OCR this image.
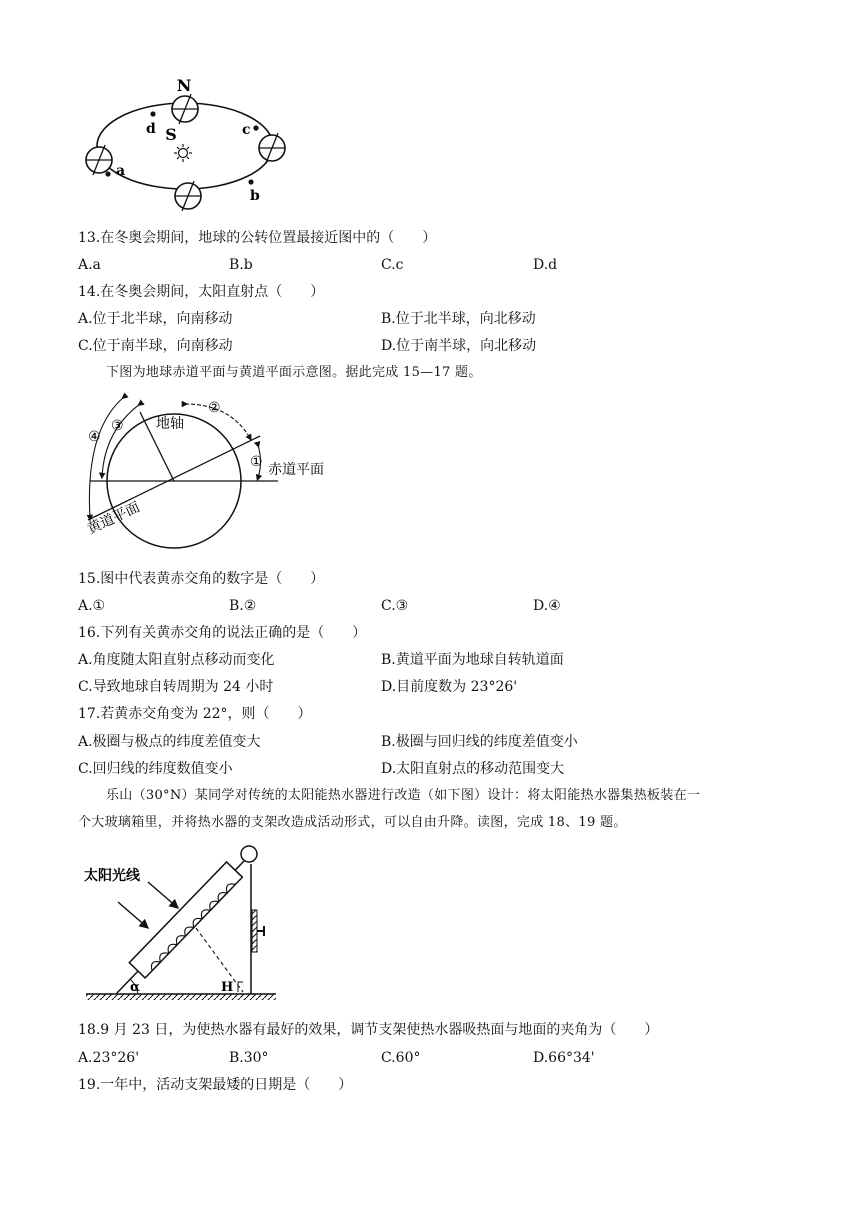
N
S
a
b
c
d
13.在冬奥会期间，地球的公转位置最接近图中的（　　）
A.a	B.b	C.c	D.d
14.在冬奥会期间，太阳直射点（　　）
A.位于北半球，向南移动	B.位于北半球，向北移动
C.位于南半球，向南移动	D.位于南半球，向北移动
下图为地球赤道平面与黄道平面示意图。据此完成 15—17 题。
地轴
赤道平面
黄道平面
①
②
③
④
15.图中代表黄赤交角的数字是（　　）
A.①	B.②	C.③	D.④
16.下列有关黄赤交角的说法正确的是（　　）
A.角度随太阳直射点移动而变化	B.黄道平面为地球自转轨道面
C.导致地球自转周期为 24 小时	D.目前度数为 23°26'
17.若黄赤交角变为 22°，则（　　）
A.极圈与极点的纬度差值变大	B.极圈与回归线的纬度差值变小
C.回归线的纬度数值变小	D.太阳直射点的移动范围变大
乐山（30°N）某同学对传统的太阳能热水器进行改造（如下图）设计：将太阳能热水器集热板装在一
个大玻璃箱里，并将热水器的支架改造成活动形式，可以自由升降。读图，完成 18、19 题。
太阳光线
α	H
18.9 月 23 日，为使热水器有最好的效果，调节支架使热水器吸热面与地面的夹角为（　　）
A.23°26'	B.30°	C.60°	D.66°34'
19.一年中，活动支架最矮的日期是（　　）
